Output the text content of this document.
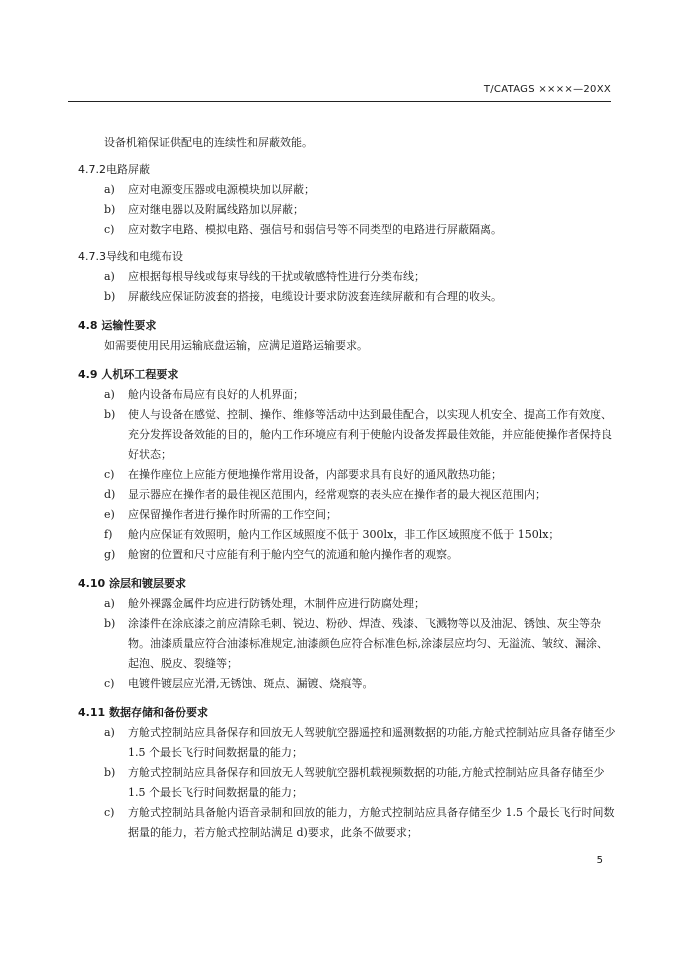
T/CATAGS ××××—20XX
设备机箱保证供配电的连续性和屏蔽效能。
4.7.2电路屏蔽
a) 应对电源变压器或电源模块加以屏蔽；
b) 应对继电器以及附属线路加以屏蔽；
c) 应对数字电路、模拟电路、强信号和弱信号等不同类型的电路进行屏蔽隔离。
4.7.3导线和电缆布设
a) 应根据每根导线或每束导线的干扰或敏感特性进行分类布线；
b) 屏蔽线应保证防波套的搭接，电缆设计要求防波套连续屏蔽和有合理的收头。
4.8 运输性要求
如需要使用民用运输底盘运输，应满足道路运输要求。
4.9 人机环工程要求
a) 舱内设备布局应有良好的人机界面；
b) 使人与设备在感觉、控制、操作、维修等活动中达到最佳配合，以实现人机安全、提高工作有效度、充分发挥设备效能的目的，舱内工作环境应有利于使舱内设备发挥最佳效能，并应能使操作者保持良好状态；
c) 在操作座位上应能方便地操作常用设备，内部要求具有良好的通风散热功能；
d) 显示器应在操作者的最佳视区范围内，经常观察的表头应在操作者的最大视区范围内；
e) 应保留操作者进行操作时所需的工作空间；
f) 舱内应保证有效照明，舱内工作区域照度不低于 300lx，非工作区域照度不低于 150lx；
g) 舱窗的位置和尺寸应能有利于舱内空气的流通和舱内操作者的观察。
4.10 涂层和镀层要求
a) 舱外裸露金属件均应进行防锈处理，木制件应进行防腐处理；
b) 涂漆件在涂底漆之前应清除毛刺、锐边、粉砂、焊渣、残漆、飞溅物等以及油泥、锈蚀、灰尘等杂物。油漆质量应符合油漆标准规定,油漆颜色应符合标准色标,涂漆层应均匀、无溢流、皱纹、漏涂、起泡、脱皮、裂缝等；
c) 电镀件镀层应光滑,无锈蚀、斑点、漏镀、烧痕等。
4.11 数据存储和备份要求
a) 方舱式控制站应具备保存和回放无人驾驶航空器遥控和遥测数据的功能,方舱式控制站应具备存储至少 1.5 个最长飞行时间数据量的能力；
b) 方舱式控制站应具备保存和回放无人驾驶航空器机载视频数据的功能,方舱式控制站应具备存储至少 1.5 个最长飞行时间数据量的能力；
c) 方舱式控制站具备舱内语音录制和回放的能力，方舱式控制站应具备存储至少 1.5 个最长飞行时间数据量的能力，若方舱式控制站满足 d)要求，此条不做要求；
5
